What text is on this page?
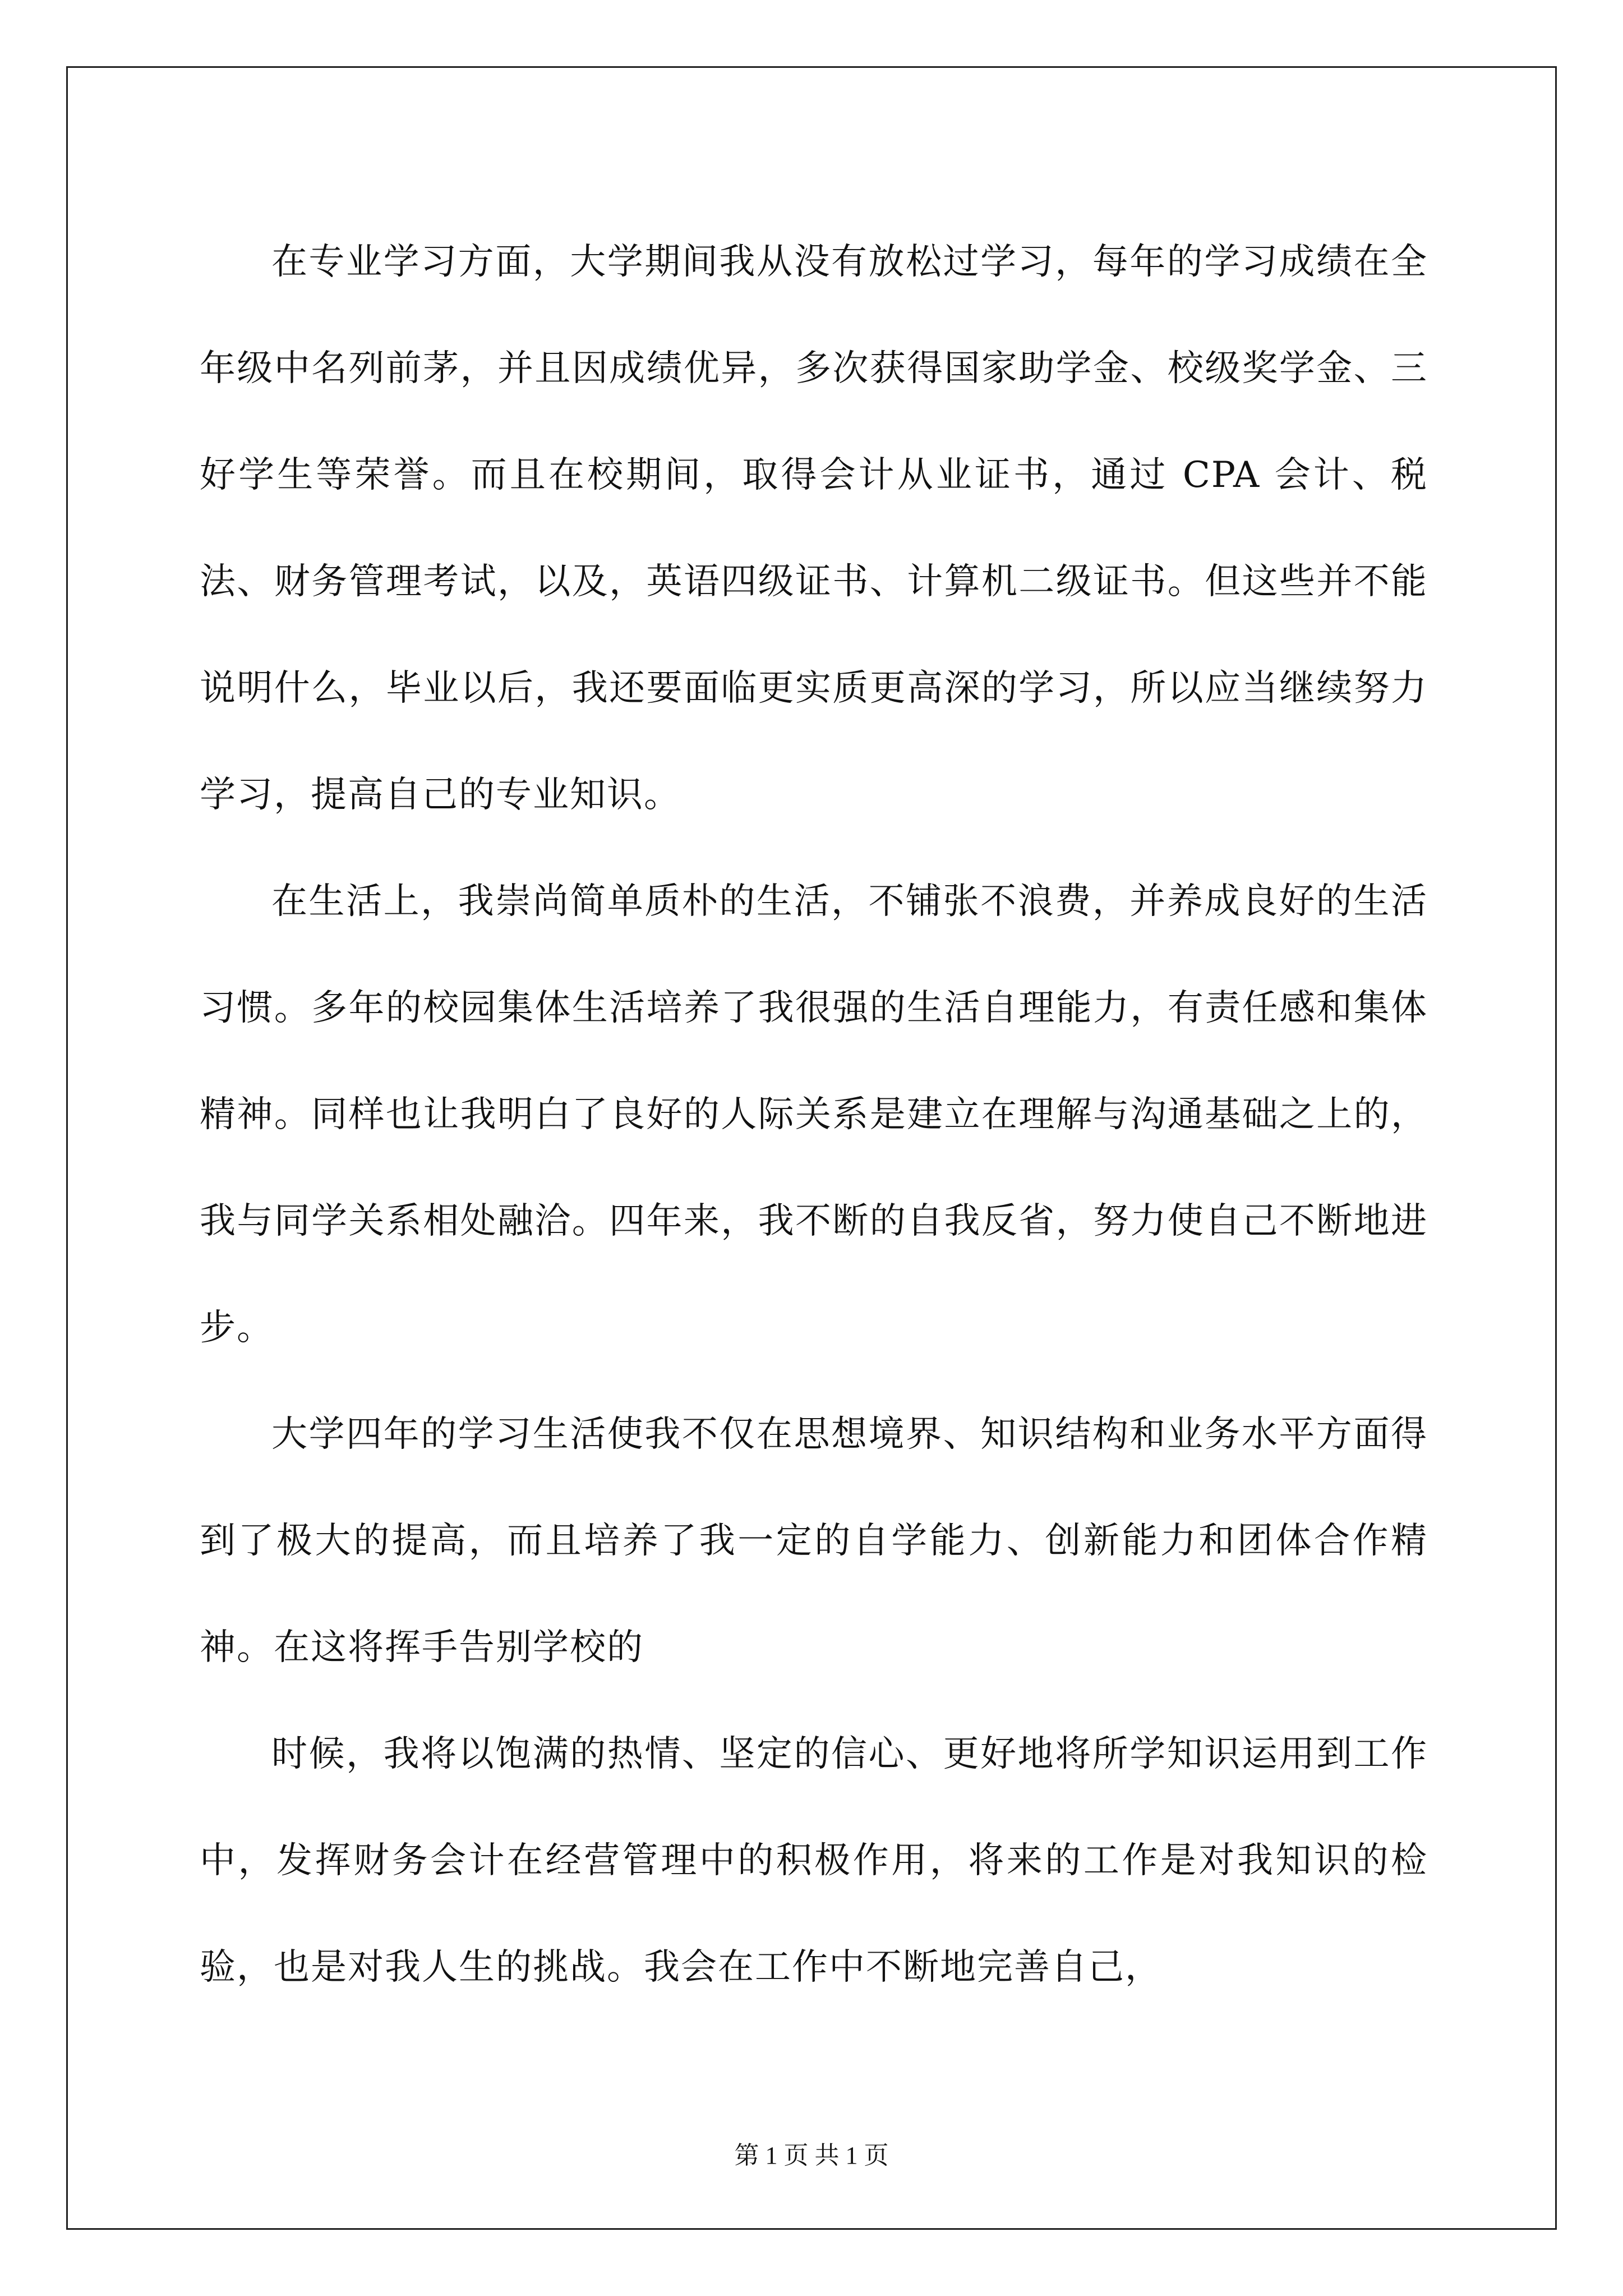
在专业学习方面，大学期间我从没有放松过学习，每年的学习成绩在全年级中名列前茅，并且因成绩优异，多次获得国家助学金、校级奖学金、三好学生等荣誉。而且在校期间，取得会计从业证书，通过 CPA 会计、税法、财务管理考试，以及，英语四级证书、计算机二级证书。但这些并不能说明什么，毕业以后，我还要面临更实质更高深的学习，所以应当继续努力学习，提高自己的专业知识。

在生活上，我崇尚简单质朴的生活，不铺张不浪费，并养成良好的生活习惯。多年的校园集体生活培养了我很强的生活自理能力，有责任感和集体精神。同样也让我明白了良好的人际关系是建立在理解与沟通基础之上的，我与同学关系相处融洽。四年来，我不断的自我反省，努力使自己不断地进步。

大学四年的学习生活使我不仅在思想境界、知识结构和业务水平方面得到了极大的提高，而且培养了我一定的自学能力、创新能力和团体合作精神。在这将挥手告别学校的

时候，我将以饱满的热情、坚定的信心、更好地将所学知识运用到工作中，发挥财务会计在经营管理中的积极作用，将来的工作是对我知识的检验，也是对我人生的挑战。我会在工作中不断地完善自己，

第 1 页 共 1 页
